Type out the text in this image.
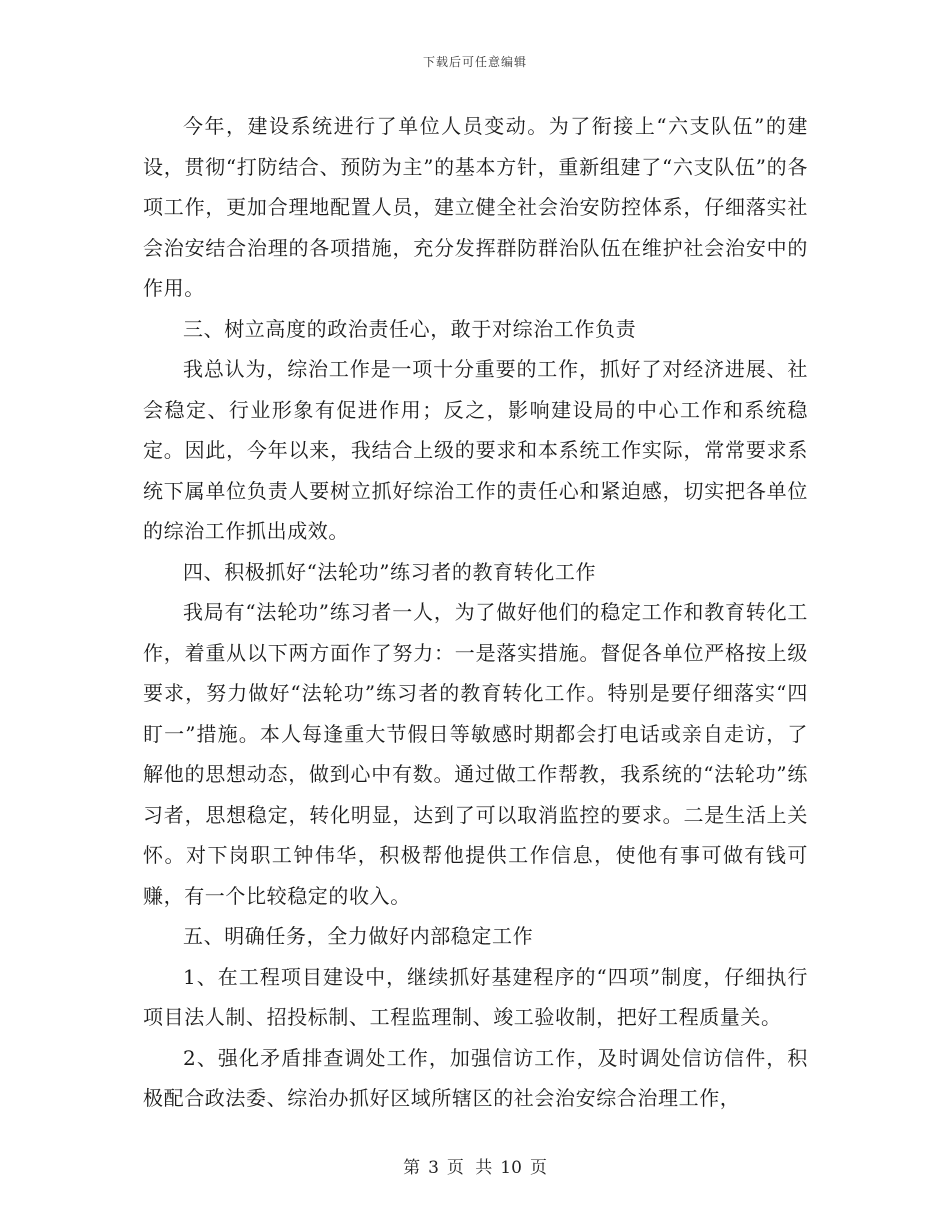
下载后可任意编辑

今年，建设系统进行了单位人员变动。为了衔接上“六支队伍”的建设，贯彻“打防结合、预防为主”的基本方针，重新组建了“六支队伍”的各项工作，更加合理地配置人员，建立健全社会治安防控体系，仔细落实社会治安结合治理的各项措施，充分发挥群防群治队伍在维护社会治安中的作用。

三、树立高度的政治责任心，敢于对综治工作负责

我总认为，综治工作是一项十分重要的工作，抓好了对经济进展、社会稳定、行业形象有促进作用；反之，影响建设局的中心工作和系统稳定。因此，今年以来，我结合上级的要求和本系统工作实际，常常要求系统下属单位负责人要树立抓好综治工作的责任心和紧迫感，切实把各单位的综治工作抓出成效。

四、积极抓好“法轮功”练习者的教育转化工作

我局有“法轮功”练习者一人，为了做好他们的稳定工作和教育转化工作，着重从以下两方面作了努力：一是落实措施。督促各单位严格按上级要求，努力做好“法轮功”练习者的教育转化工作。特别是要仔细落实“四盯一”措施。本人每逢重大节假日等敏感时期都会打电话或亲自走访，了解他的思想动态，做到心中有数。通过做工作帮教，我系统的“法轮功”练习者，思想稳定，转化明显，达到了可以取消监控的要求。二是生活上关怀。对下岗职工钟伟华，积极帮他提供工作信息，使他有事可做有钱可赚，有一个比较稳定的收入。

五、明确任务，全力做好内部稳定工作

1、在工程项目建设中，继续抓好基建程序的“四项”制度，仔细执行项目法人制、招投标制、工程监理制、竣工验收制，把好工程质量关。

2、强化矛盾排查调处工作，加强信访工作，及时调处信访信件，积极配合政法委、综治办抓好区域所辖区的社会治安综合治理工作，

第 3 页 共 10 页
